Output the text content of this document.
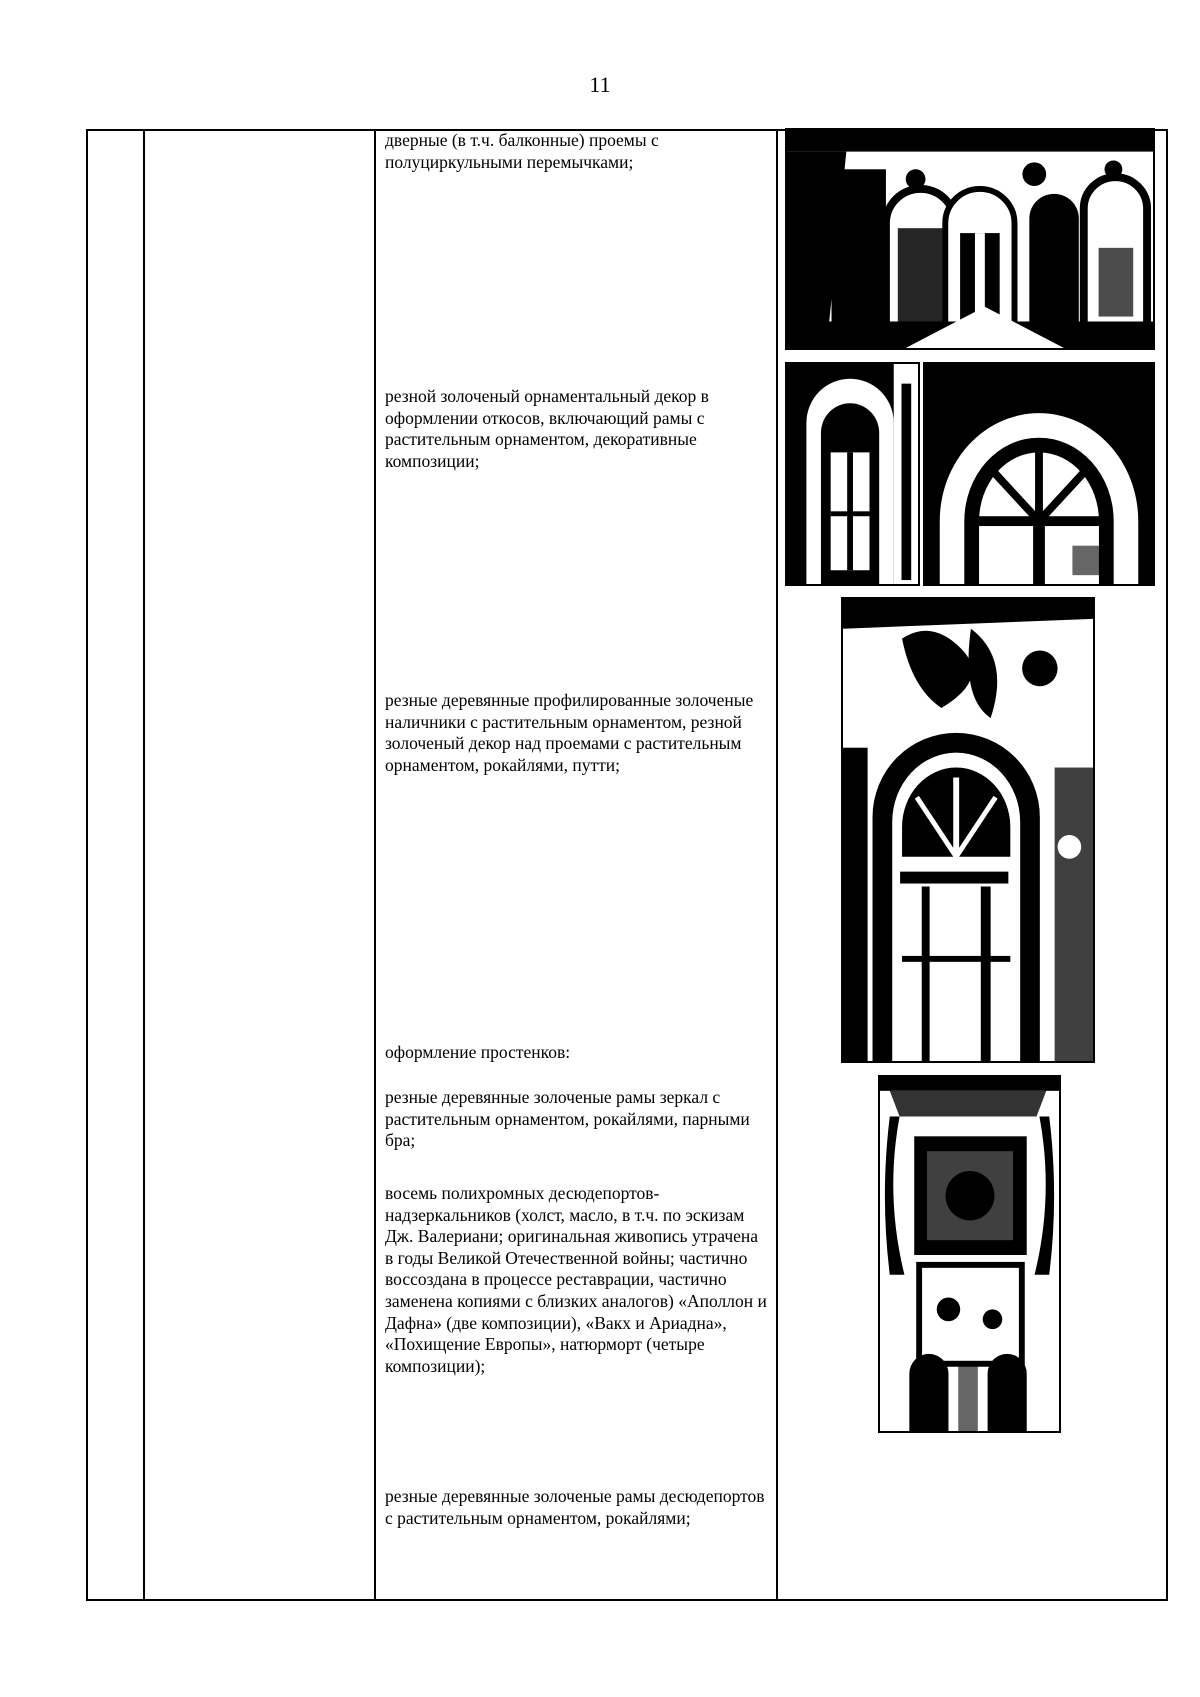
11

дверные (в т.ч. балконные) проемы с полуциркульными перемычками;

резной золоченый орнаментальный декор в оформлении откосов, включающий рамы с растительным орнаментом, декоративные композиции;

резные деревянные профилированные золоченые наличники с растительным орнаментом, резной золоченый декор над проемами с растительным орнаментом, рокайлями, путти;

оформление простенков:

резные деревянные золоченые рамы зеркал с растительным орнаментом, рокайлями, парными бра;

восемь полихромных десюдепортов-надзеркальников (холст, масло, в т.ч. по эскизам Дж. Валериани; оригинальная живопись утрачена в годы Великой Отечественной войны; частично воссоздана в процессе реставрации, частично заменена копиями с близких аналогов) «Аполлон и Дафна» (две композиции), «Вакх и Ариадна», «Похищение Европы», натюрморт (четыре композиции);

резные деревянные золоченые рамы десюдепортов с растительным орнаментом, рокайлями;
